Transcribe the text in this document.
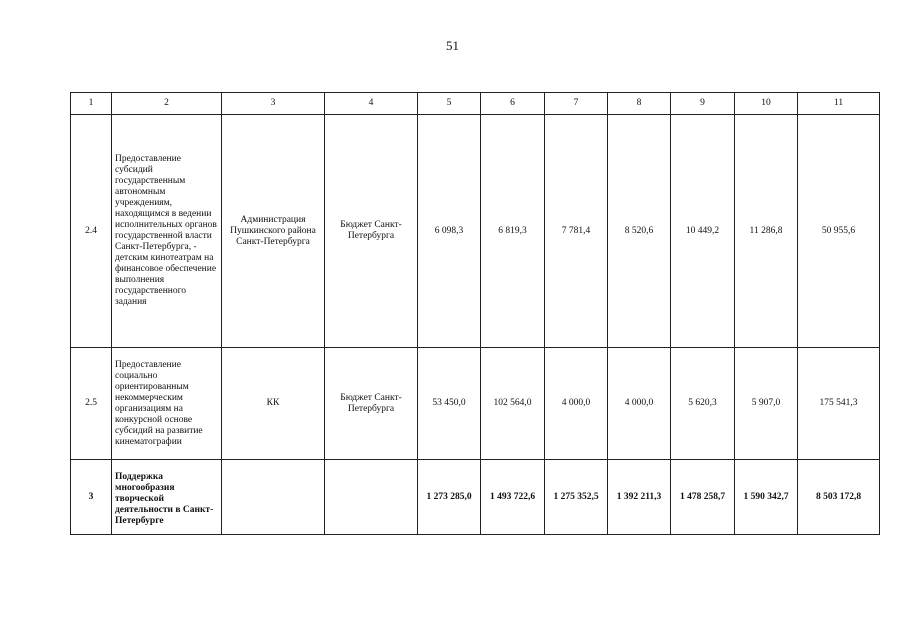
51
1	2	3	4	5	6	7	8	9	10	11
2.4	Предоставление субсидий государственным автономным учреждениям, находящимся в ведении исполнительных органов государственной власти Санкт-Петербурга, - детским кинотеатрам на финансовое обеспечение выполнения государственного задания	Администрация Пушкинского района Санкт-Петербурга	Бюджет Санкт-Петербурга	6 098,3	6 819,3	7 781,4	8 520,6	10 449,2	11 286,8	50 955,6
2.5	Предоставление социально ориентированным некоммерческим организациям на конкурсной основе субсидий на развитие кинематографии	КК	Бюджет Санкт-Петербурга	53 450,0	102 564,0	4 000,0	4 000,0	5 620,3	5 907,0	175 541,3
3	Поддержка многообразия творческой деятельности в Санкт-Петербурге			1 273 285,0	1 493 722,6	1 275 352,5	1 392 211,3	1 478 258,7	1 590 342,7	8 503 172,8
